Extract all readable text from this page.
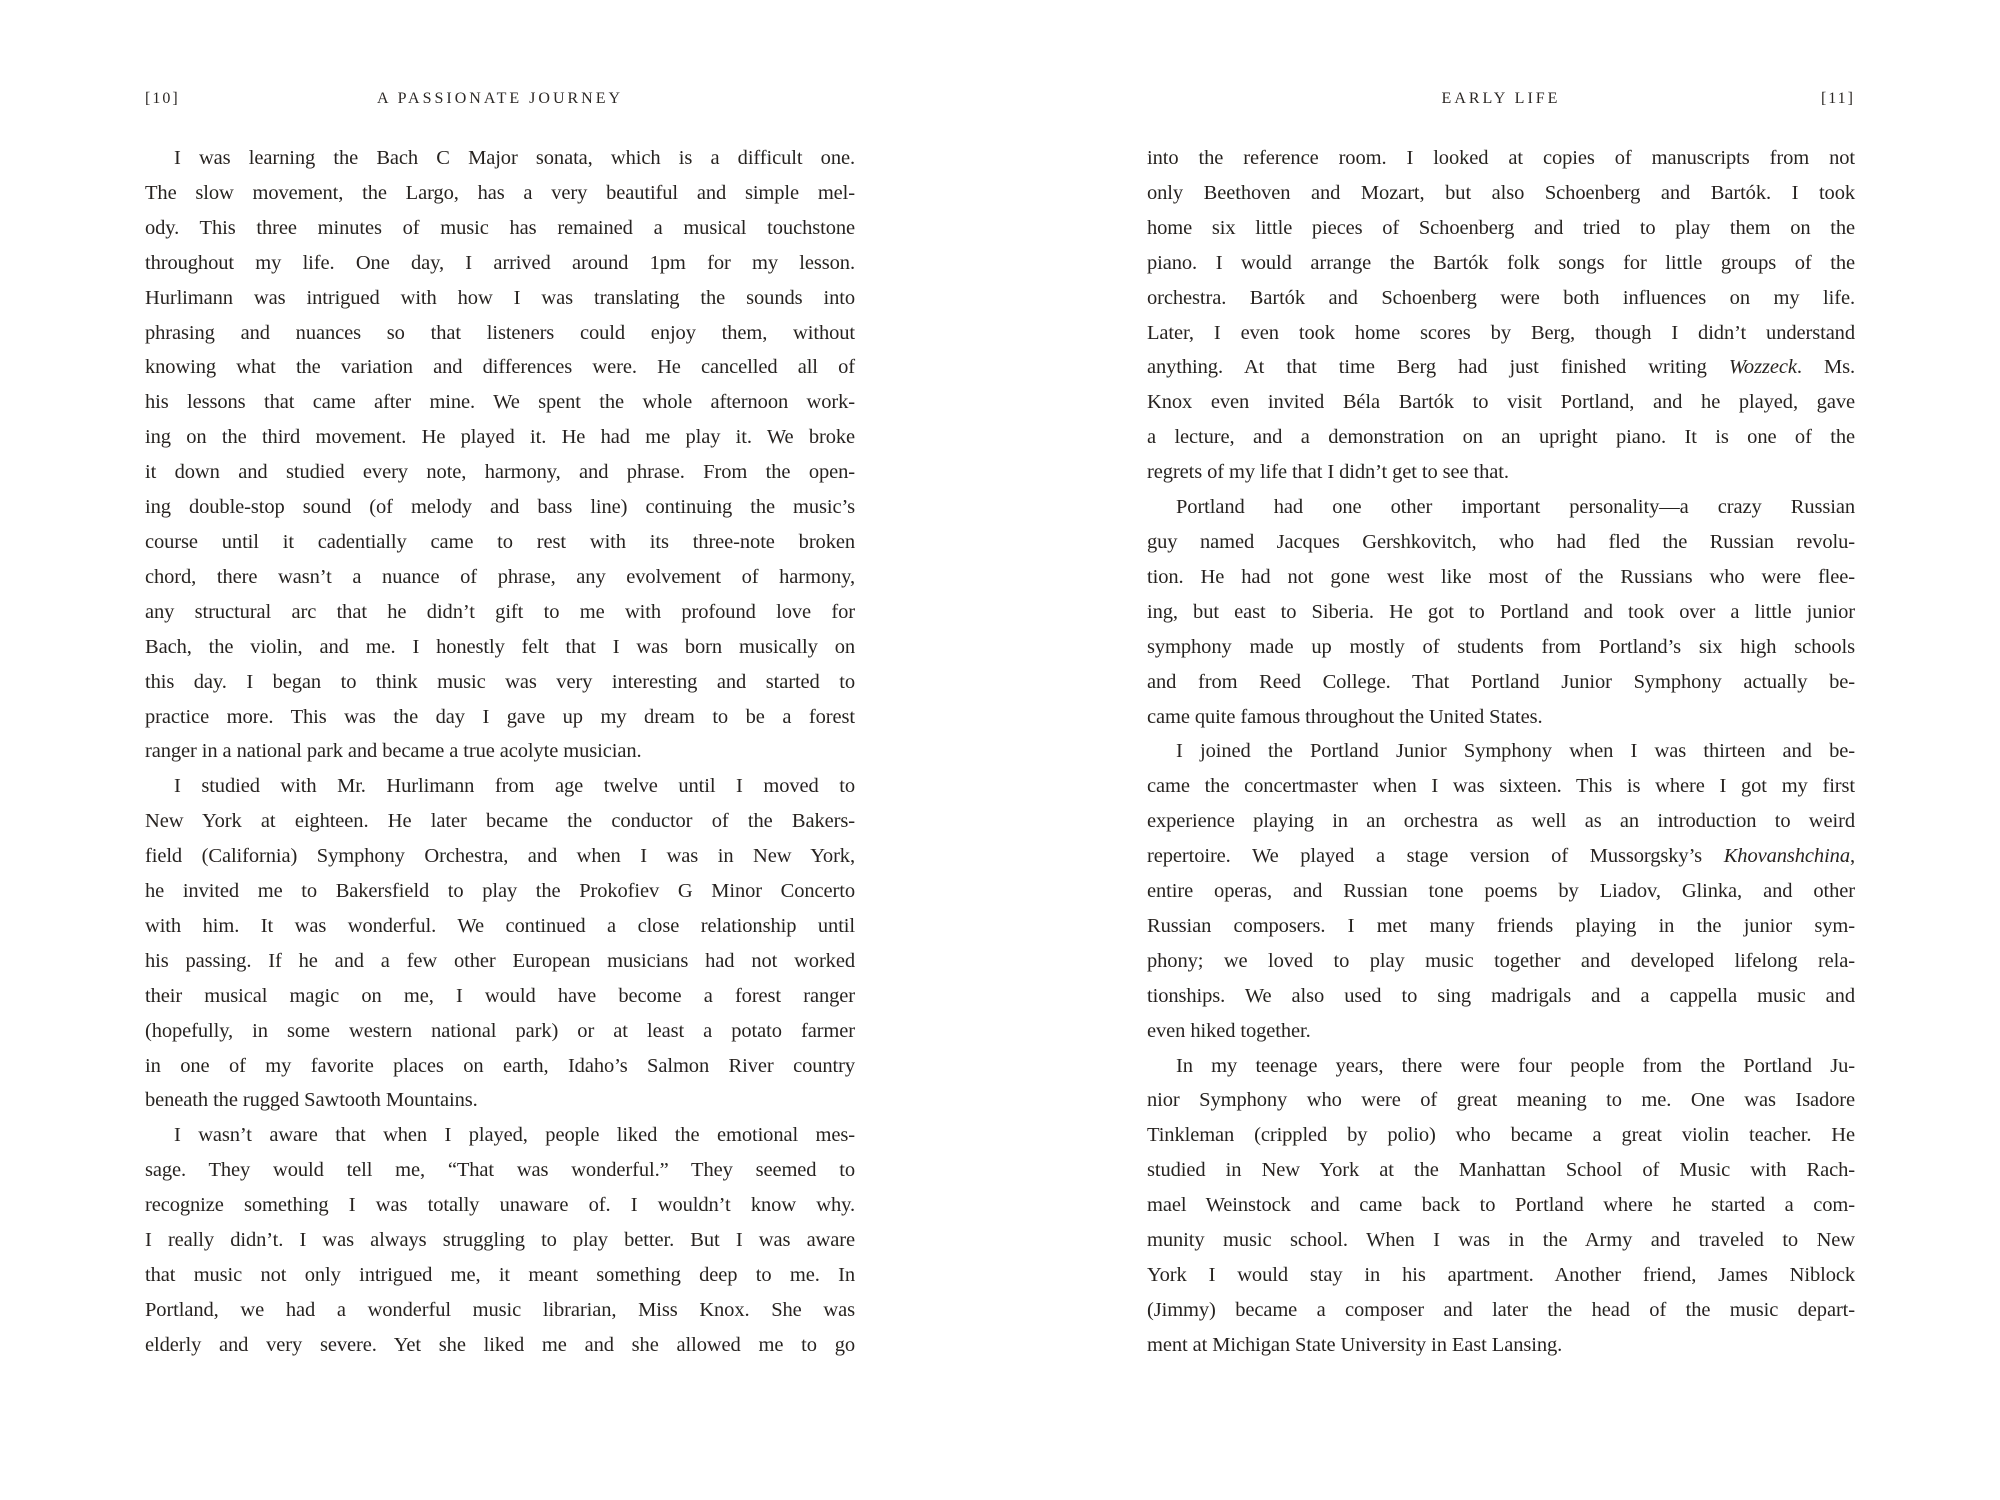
[10]	A PASSIONATE JOURNEY
I was learning the Bach C Major sonata, which is a difficult one.
The slow movement, the Largo, has a very beautiful and simple mel-
ody. This three minutes of music has remained a musical touchstone
throughout my life. One day, I arrived around 1pm for my lesson.
Hurlimann was intrigued with how I was translating the sounds into
phrasing and nuances so that listeners could enjoy them, without
knowing what the variation and differences were. He cancelled all of
his lessons that came after mine. We spent the whole afternoon work-
ing on the third movement. He played it. He had me play it. We broke
it down and studied every note, harmony, and phrase. From the open-
ing double-stop sound (of melody and bass line) continuing the music’s
course until it cadentially came to rest with its three-note broken
chord, there wasn’t a nuance of phrase, any evolvement of harmony,
any structural arc that he didn’t gift to me with profound love for
Bach, the violin, and me. I honestly felt that I was born musically on
this day. I began to think music was very interesting and started to
practice more. This was the day I gave up my dream to be a forest
ranger in a national park and became a true acolyte musician.
I studied with Mr. Hurlimann from age twelve until I moved to
New York at eighteen. He later became the conductor of the Bakers-
field (California) Symphony Orchestra, and when I was in New York,
he invited me to Bakersfield to play the Prokofiev G Minor Concerto
with him. It was wonderful. We continued a close relationship until
his passing. If he and a few other European musicians had not worked
their musical magic on me, I would have become a forest ranger
(hopefully, in some western national park) or at least a potato farmer
in one of my favorite places on earth, Idaho’s Salmon River country
beneath the rugged Sawtooth Mountains.
I wasn’t aware that when I played, people liked the emotional mes-
sage. They would tell me, “That was wonderful.” They seemed to
recognize something I was totally unaware of. I wouldn’t know why.
I really didn’t. I was always struggling to play better. But I was aware
that music not only intrigued me, it meant something deep to me. In
Portland, we had a wonderful music librarian, Miss Knox. She was
elderly and very severe. Yet she liked me and she allowed me to go
EARLY LIFE	[11]
into the reference room. I looked at copies of manuscripts from not
only Beethoven and Mozart, but also Schoenberg and Bartók. I took
home six little pieces of Schoenberg and tried to play them on the
piano. I would arrange the Bartók folk songs for little groups of the
orchestra. Bartók and Schoenberg were both influences on my life.
Later, I even took home scores by Berg, though I didn’t understand
anything. At that time Berg had just finished writing Wozzeck. Ms.
Knox even invited Béla Bartók to visit Portland, and he played, gave
a lecture, and a demonstration on an upright piano. It is one of the
regrets of my life that I didn’t get to see that.
Portland had one other important personality—a crazy Russian
guy named Jacques Gershkovitch, who had fled the Russian revolu-
tion. He had not gone west like most of the Russians who were flee-
ing, but east to Siberia. He got to Portland and took over a little junior
symphony made up mostly of students from Portland’s six high schools
and from Reed College. That Portland Junior Symphony actually be-
came quite famous throughout the United States.
I joined the Portland Junior Symphony when I was thirteen and be-
came the concertmaster when I was sixteen. This is where I got my first
experience playing in an orchestra as well as an introduction to weird
repertoire. We played a stage version of Mussorgsky’s Khovanshchina,
entire operas, and Russian tone poems by Liadov, Glinka, and other
Russian composers. I met many friends playing in the junior sym-
phony; we loved to play music together and developed lifelong rela-
tionships. We also used to sing madrigals and a cappella music and
even hiked together.
In my teenage years, there were four people from the Portland Ju-
nior Symphony who were of great meaning to me. One was Isadore
Tinkleman (crippled by polio) who became a great violin teacher. He
studied in New York at the Manhattan School of Music with Rach-
mael Weinstock and came back to Portland where he started a com-
munity music school. When I was in the Army and traveled to New
York I would stay in his apartment. Another friend, James Niblock
(Jimmy) became a composer and later the head of the music depart-
ment at Michigan State University in East Lansing.
